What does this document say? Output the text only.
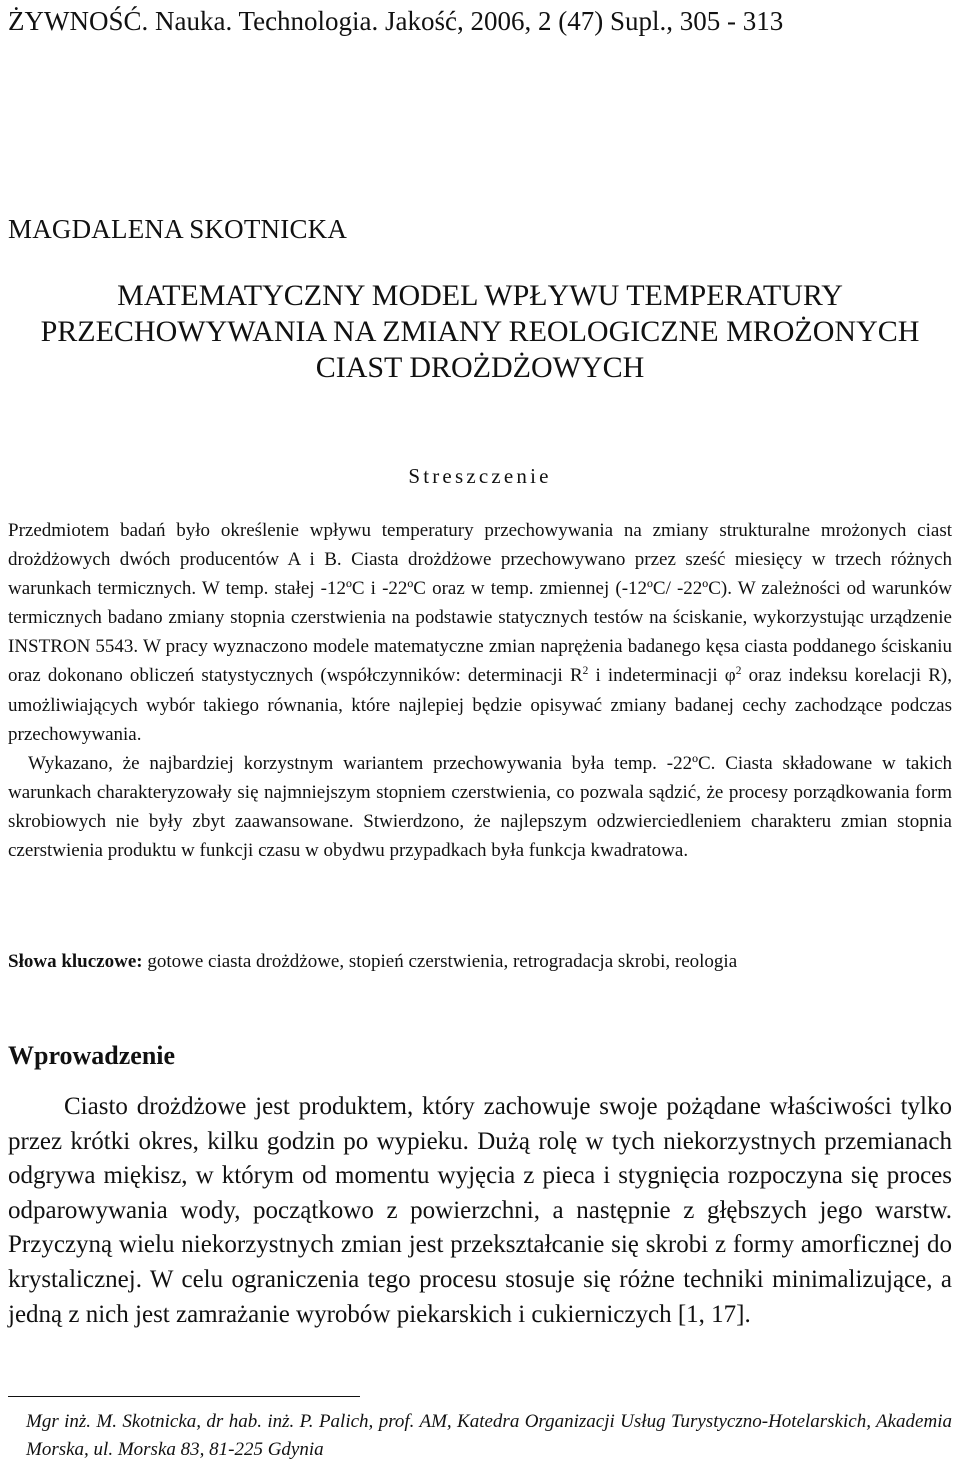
ŻYWNOŚĆ. Nauka. Technologia. Jakość, 2006, 2 (47) Supl., 305 - 313
MAGDALENA SKOTNICKA
MATEMATYCZNY MODEL WPŁYWU TEMPERATURY
PRZECHOWYWANIA NA ZMIANY REOLOGICZNE MROŻONYCH
CIAST DROŻDŻOWYCH
Streszczenie

Przedmiotem badań było określenie wpływu temperatury przechowywania na zmiany strukturalne mrożonych ciast drożdżowych dwóch producentów A i B. Ciasta drożdżowe przechowywano przez sześć miesięcy w trzech różnych warunkach termicznych. W temp. stałej -12ºC i -22ºC oraz w temp. zmiennej (-12ºC/ -22ºC). W zależności od warunków termicznych badano zmiany stopnia czerstwienia na podstawie statycznych testów na ściskanie, wykorzystując urządzenie INSTRON 5543. W pracy wyznaczono modele matematyczne zmian naprężenia badanego kęsa ciasta poddanego ściskaniu oraz dokonano obliczeń statystycznych (współczynników: determinacji $R^2$ i indeterminacji $\varphi^2$ oraz indeksu korelacji R), umożliwiających wybór takiego równania, które najlepiej będzie opisywać zmiany badanej cechy zachodzące podczas przechowywania.

Wykazano, że najbardziej korzystnym wariantem przechowywania była temp. -22ºC. Ciasta składowane w takich warunkach charakteryzowały się najmniejszym stopniem czerstwienia, co pozwala sądzić, że procesy porządkowania form skrobiowych nie były zbyt zaawansowane. Stwierdzono, że najlepszym odzwierciedleniem charakteru zmian stopnia czerstwienia produktu w funkcji czasu w obydwu przypadkach była funkcja kwadratowa.

Słowa kluczowe: gotowe ciasta drożdżowe, stopień czerstwienia, retrogradacja skrobi, reologia
Wprowadzenie

Ciasto drożdżowe jest produktem, który zachowuje swoje pożądane właściwości tylko przez krótki okres, kilku godzin po wypieku. Dużą rolę w tych niekorzystnych przemianach odgrywa miękisz, w którym od momentu wyjęcia z pieca i stygnięcia rozpoczyna się proces odparowywania wody, początkowo z powierzchni, a następnie z głębszych jego warstw. Przyczyną wielu niekorzystnych zmian jest przekształcanie się skrobi z formy amorficznej do krystalicznej. W celu ograniczenia tego procesu stosuje się różne techniki minimalizujące, a jedną z nich jest zamrażanie wyrobów piekarskich i cukierniczych [1, 17].

Mgr inż. M. Skotnicka, dr hab. inż. P. Palich, prof. AM, Katedra Organizacji Usług Turystyczno-Hotelarskich, Akademia Morska, ul. Morska 83, 81-225 Gdynia
